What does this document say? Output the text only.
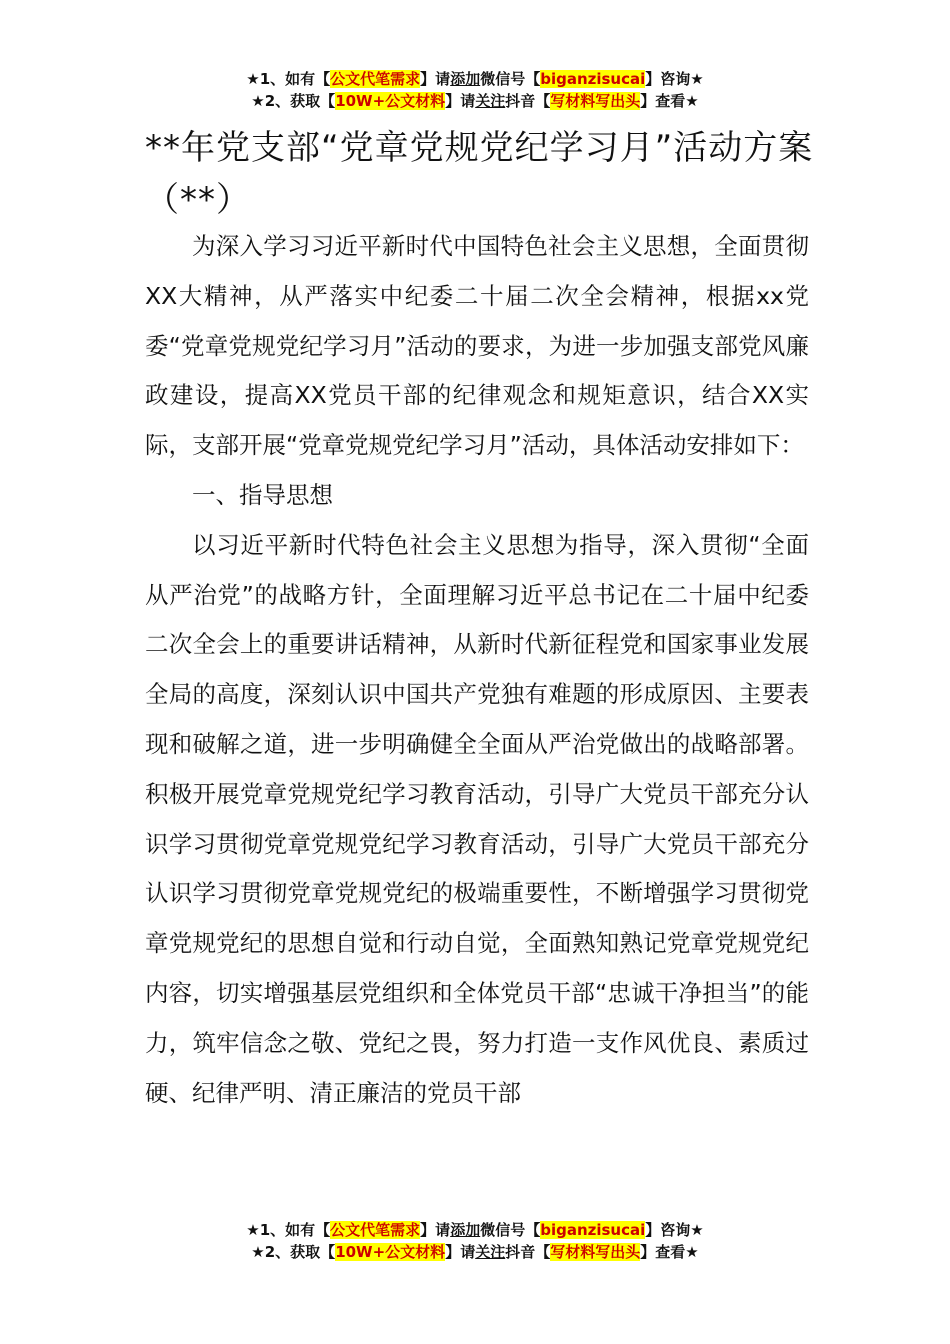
★1、如有【公文代笔需求】请添加微信号【biganzisucai】咨询★
★2、获取【10W+公文材料】请关注抖音【写材料写出头】查看★
**年党支部“党章党规党纪学习月”活动方案（**）

为深入学习习近平新时代中国特色社会主义思想，全面贯彻XX大精神，从严落实中纪委二十届二次全会精神，根据xx党委“党章党规党纪学习月”活动的要求，为进一步加强支部党风廉政建设，提高XX党员干部的纪律观念和规矩意识，结合XX实际，支部开展“党章党规党纪学习月”活动，具体活动安排如下：

一、指导思想

以习近平新时代特色社会主义思想为指导，深入贯彻“全面从严治党”的战略方针，全面理解习近平总书记在二十届中纪委二次全会上的重要讲话精神，从新时代新征程党和国家事业发展全局的高度，深刻认识中国共产党独有难题的形成原因、主要表现和破解之道，进一步明确健全全面从严治党做出的战略部署。积极开展党章党规党纪学习教育活动，引导广大党员干部充分认识学习贯彻党章党规党纪学习教育活动，引导广大党员干部充分认识学习贯彻党章党规党纪的极端重要性，不断增强学习贯彻党章党规党纪的思想自觉和行动自觉，全面熟知熟记党章党规党纪内容，切实增强基层党组织和全体党员干部“忠诚干净担当”的能力，筑牢信念之敬、党纪之畏，努力打造一支作风优良、素质过硬、纪律严明、清正廉洁的党员干部

★1、如有【公文代笔需求】请添加微信号【biganzisucai】咨询★
★2、获取【10W+公文材料】请关注抖音【写材料写出头】查看★
